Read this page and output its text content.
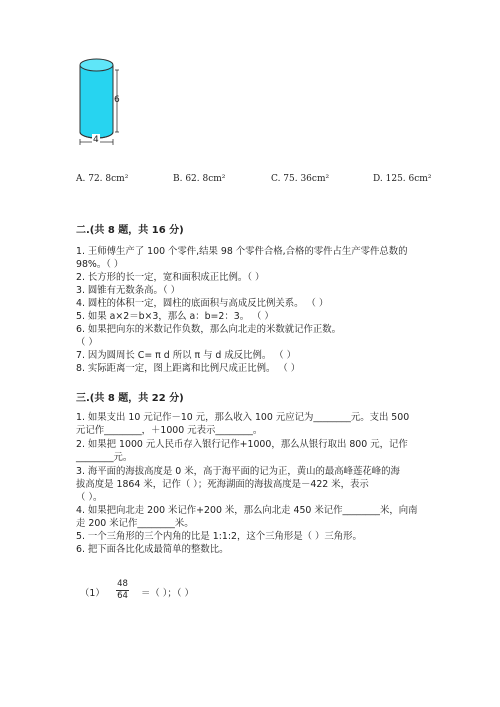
6
4
A. 72. 8cm²	B. 62. 8cm²	C. 75. 36cm²	D. 125. 6cm²
二.(共 8 题，共 16 分)
1. 王师傅生产了 100 个零件,结果 98 个零件合格,合格的零件占生产零件总数的
98%。（ ）
2. 长方形的长一定，宽和面积成正比例。（ ）
3. 圆锥有无数条高。（ ）
4. 圆柱的体积一定，圆柱的底面积与高成反比例关系。 （ ）
5. 如果 a×2＝b×3，那么 a：b=2：3。 （ ）
6. 如果把向东的米数记作负数，那么向北走的米数就记作正数。
（ ）
7. 因为圆周长 C= π d 所以 π 与 d 成反比例。 （ ）
8. 实际距离一定，图上距离和比例尺成正比例。 （ ）
三.(共 8 题，共 22 分)
1. 如果支出 10 元记作－10 元，那么收入 100 元应记为________元。支出 500
元记作________，＋1000 元表示________。
2. 如果把 1000 元人民币存入银行记作+1000，那么从银行取出 800 元，记作
________元。
3. 海平面的海拔高度是 0 米，高于海平面的记为正，黄山的最高峰莲花峰的海
拔高度是 1864 米，记作（ ）；死海湖面的海拔高度是－422 米，表示
（ ）。
4. 如果把向北走 200 米记作+200 米，那么向北走 450 米记作________米，向南
走 200 米记作________米。
5. 一个三角形的三个内角的比是 1:1:2，这个三角形是（ ）三角形。
6. 把下面各比化成最简单的整数比。
（1）
48
64 ＝（ ）；（ ）
